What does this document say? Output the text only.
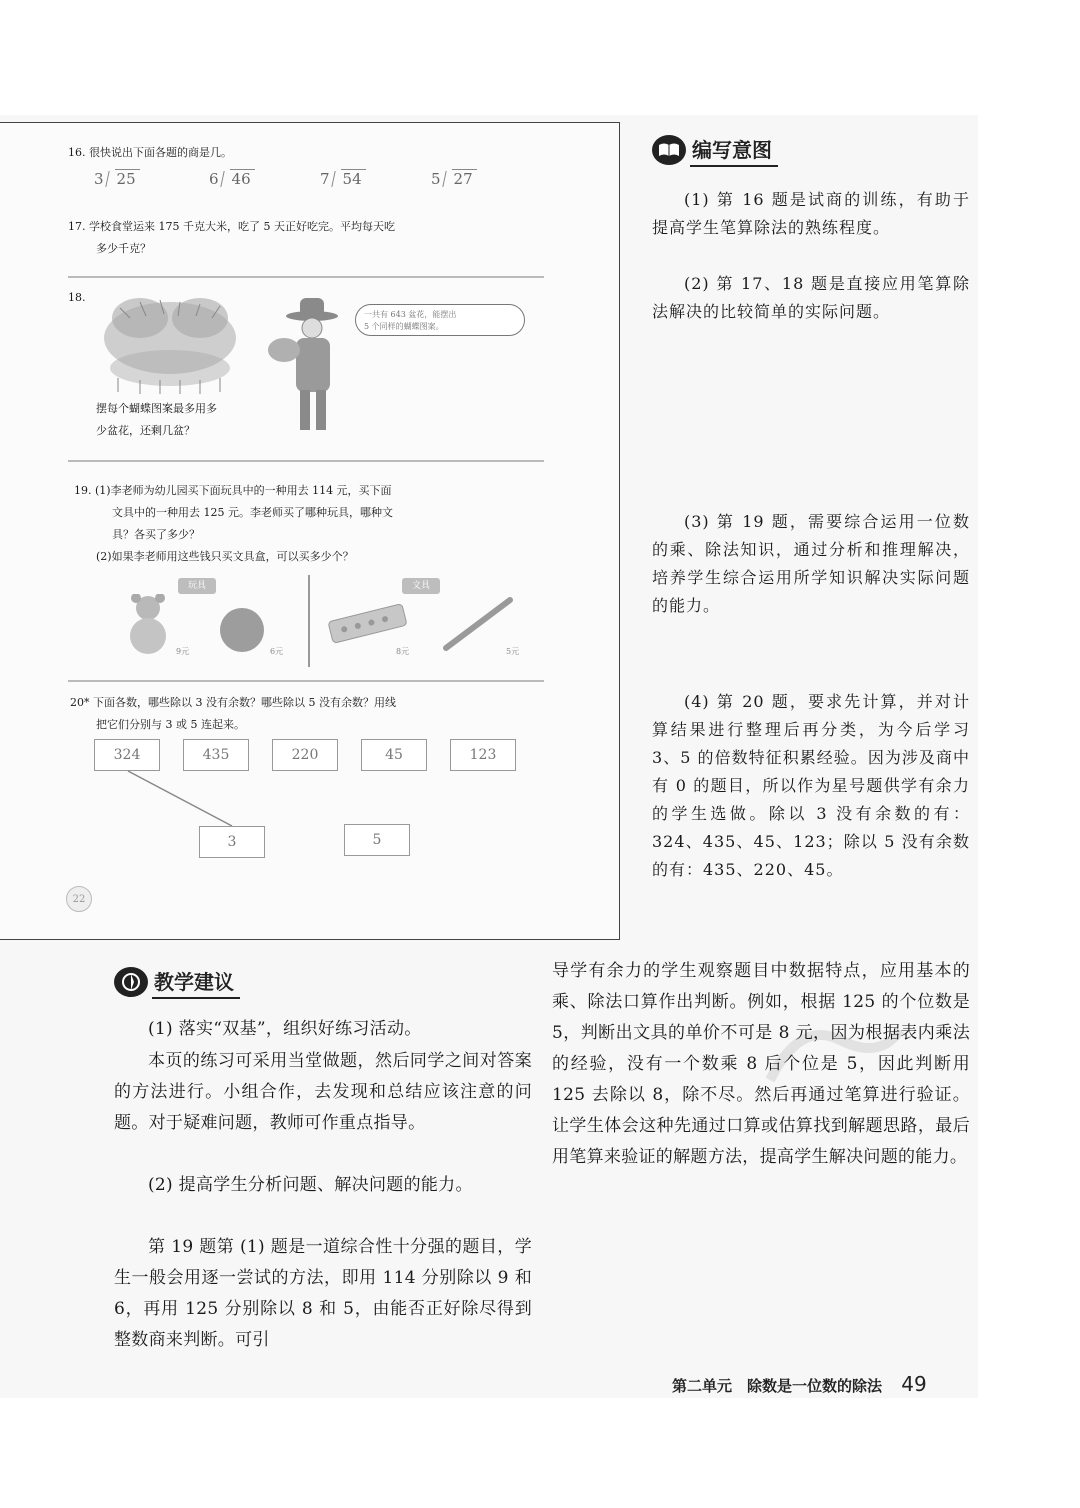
16. 很快说出下面各题的商是几。
3 25	6 46	7 54	5 27
17. 学校食堂运来 175 千克大米，吃了 5 天正好吃完。平均每天吃
多少千克？
18.
一共有 643 盆花，能摆出
5 个同样的蝴蝶图案。
摆每个蝴蝶图案最多用多
少盆花，还剩几盆？
19. (1)李老师为幼儿园买下面玩具中的一种用去 114 元，买下面
文具中的一种用去 125 元。李老师买了哪种玩具，哪种文
具？各买了多少？
(2)如果李老师用这些钱只买文具盒，可以买多少个？
玩具	文具
9元	6元	8元	5元
20* 下面各数，哪些除以 3 没有余数？哪些除以 5 没有余数？用线
把它们分别与 3 或 5 连起来。
324	435	220	45	123
3	5
22
编写意图

(1) 第 16 题是试商的训练，有助于提高学生笔算除法的熟练程度。

(2) 第 17、18 题是直接应用笔算除法解决的比较简单的实际问题。

(3) 第 19 题，需要综合运用一位数的乘、除法知识，通过分析和推理解决，培养学生综合运用所学知识解决实际问题的能力。

(4) 第 20 题，要求先计算，并对计算结果进行整理后再分类，为今后学习 3、5 的倍数特征积累经验。因为涉及商中有 0 的题目，所以作为星号题供学有余力的学生选做。除以 3 没有余数的有：324、435、45、123；除以 5 没有余数的有：435、220、45。

教学建议

(1) 落实“双基”，组织好练习活动。

本页的练习可采用当堂做题，然后同学之间对答案的方法进行。小组合作，去发现和总结应该注意的问题。对于疑难问题，教师可作重点指导。

(2) 提高学生分析问题、解决问题的能力。

第 19 题第 (1) 题是一道综合性十分强的题目，学生一般会用逐一尝试的方法，即用 114 分别除以 9 和 6，再用 125 分别除以 8 和 5，由能否正好除尽得到整数商来判断。可引

导学有余力的学生观察题目中数据特点，应用基本的乘、除法口算作出判断。例如，根据 125 的个位数是 5，判断出文具的单价不可是 8 元，因为根据表内乘法的经验，没有一个数乘 8 后个位是 5，因此判断用 125 去除以 8，除不尽。然后再通过笔算进行验证。让学生体会这种先通过口算或估算找到解题思路，最后用笔算来验证的解题方法，提高学生解决问题的能力。

第二单元　除数是一位数的除法 49
